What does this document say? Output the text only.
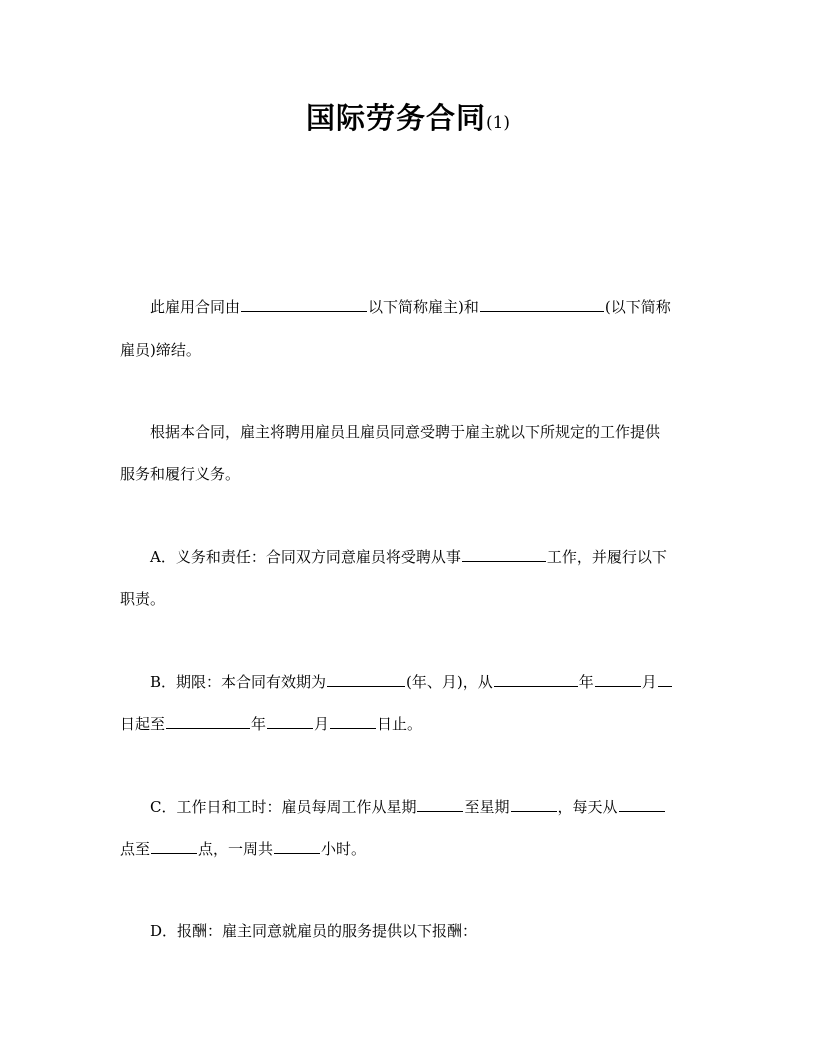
国际劳务合同(1)
此雇用合同由	以下简称雇主)和	(以下简称
雇员)缔结。
根据本合同，雇主将聘用雇员且雇员同意受聘于雇主就以下所规定的工作提供
服务和履行义务。
A．义务和责任：合同双方同意雇员将受聘从事	工作，并履行以下
职责。
B．期限：本合同有效期为	(年、月)，从	年	月
日起至	年	月	日止。
C．工作日和工时：雇员每周工作从星期	至星期	，每天从
点至	点，一周共	小时。
D．报酬：雇主同意就雇员的服务提供以下报酬：
